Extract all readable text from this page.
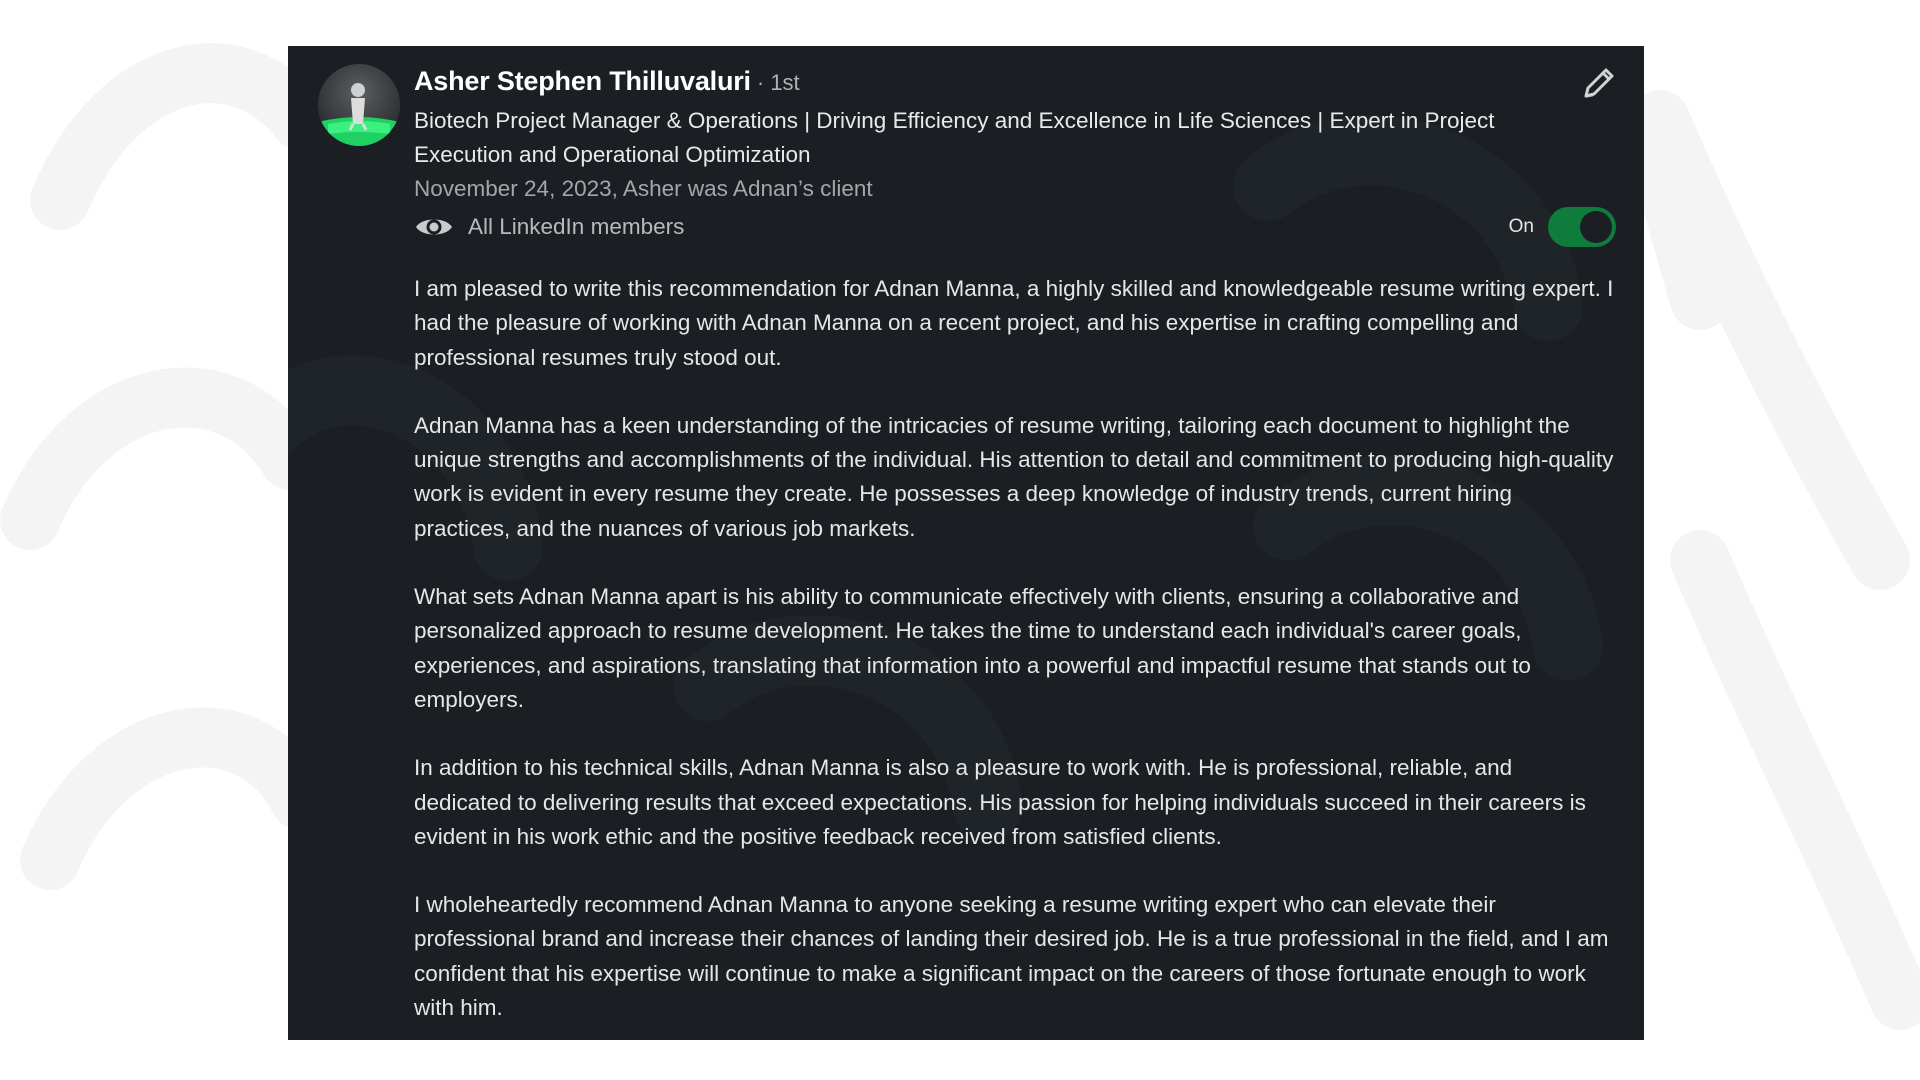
Asher Stephen Thilluvaluri · 1st
Biotech Project Manager & Operations | Driving Efficiency and Excellence in Life Sciences | Expert in Project Execution and Operational Optimization
November 24, 2023, Asher was Adnan’s client
All LinkedIn members	On

I am pleased to write this recommendation for Adnan Manna, a highly skilled and knowledgeable resume writing expert. I had the pleasure of working with Adnan Manna on a recent project, and his expertise in crafting compelling and professional resumes truly stood out.

Adnan Manna has a keen understanding of the intricacies of resume writing, tailoring each document to highlight the unique strengths and accomplishments of the individual. His attention to detail and commitment to producing high-quality work is evident in every resume they create. He possesses a deep knowledge of industry trends, current hiring practices, and the nuances of various job markets.

What sets Adnan Manna apart is his ability to communicate effectively with clients, ensuring a collaborative and personalized approach to resume development. He takes the time to understand each individual's career goals, experiences, and aspirations, translating that information into a powerful and impactful resume that stands out to employers.

In addition to his technical skills, Adnan Manna is also a pleasure to work with. He is professional, reliable, and dedicated to delivering results that exceed expectations. His passion for helping individuals succeed in their careers is evident in his work ethic and the positive feedback received from satisfied clients.

I wholeheartedly recommend Adnan Manna to anyone seeking a resume writing expert who can elevate their professional brand and increase their chances of landing their desired job. He is a true professional in the field, and I am confident that his expertise will continue to make a significant impact on the careers of those fortunate enough to work with him.
